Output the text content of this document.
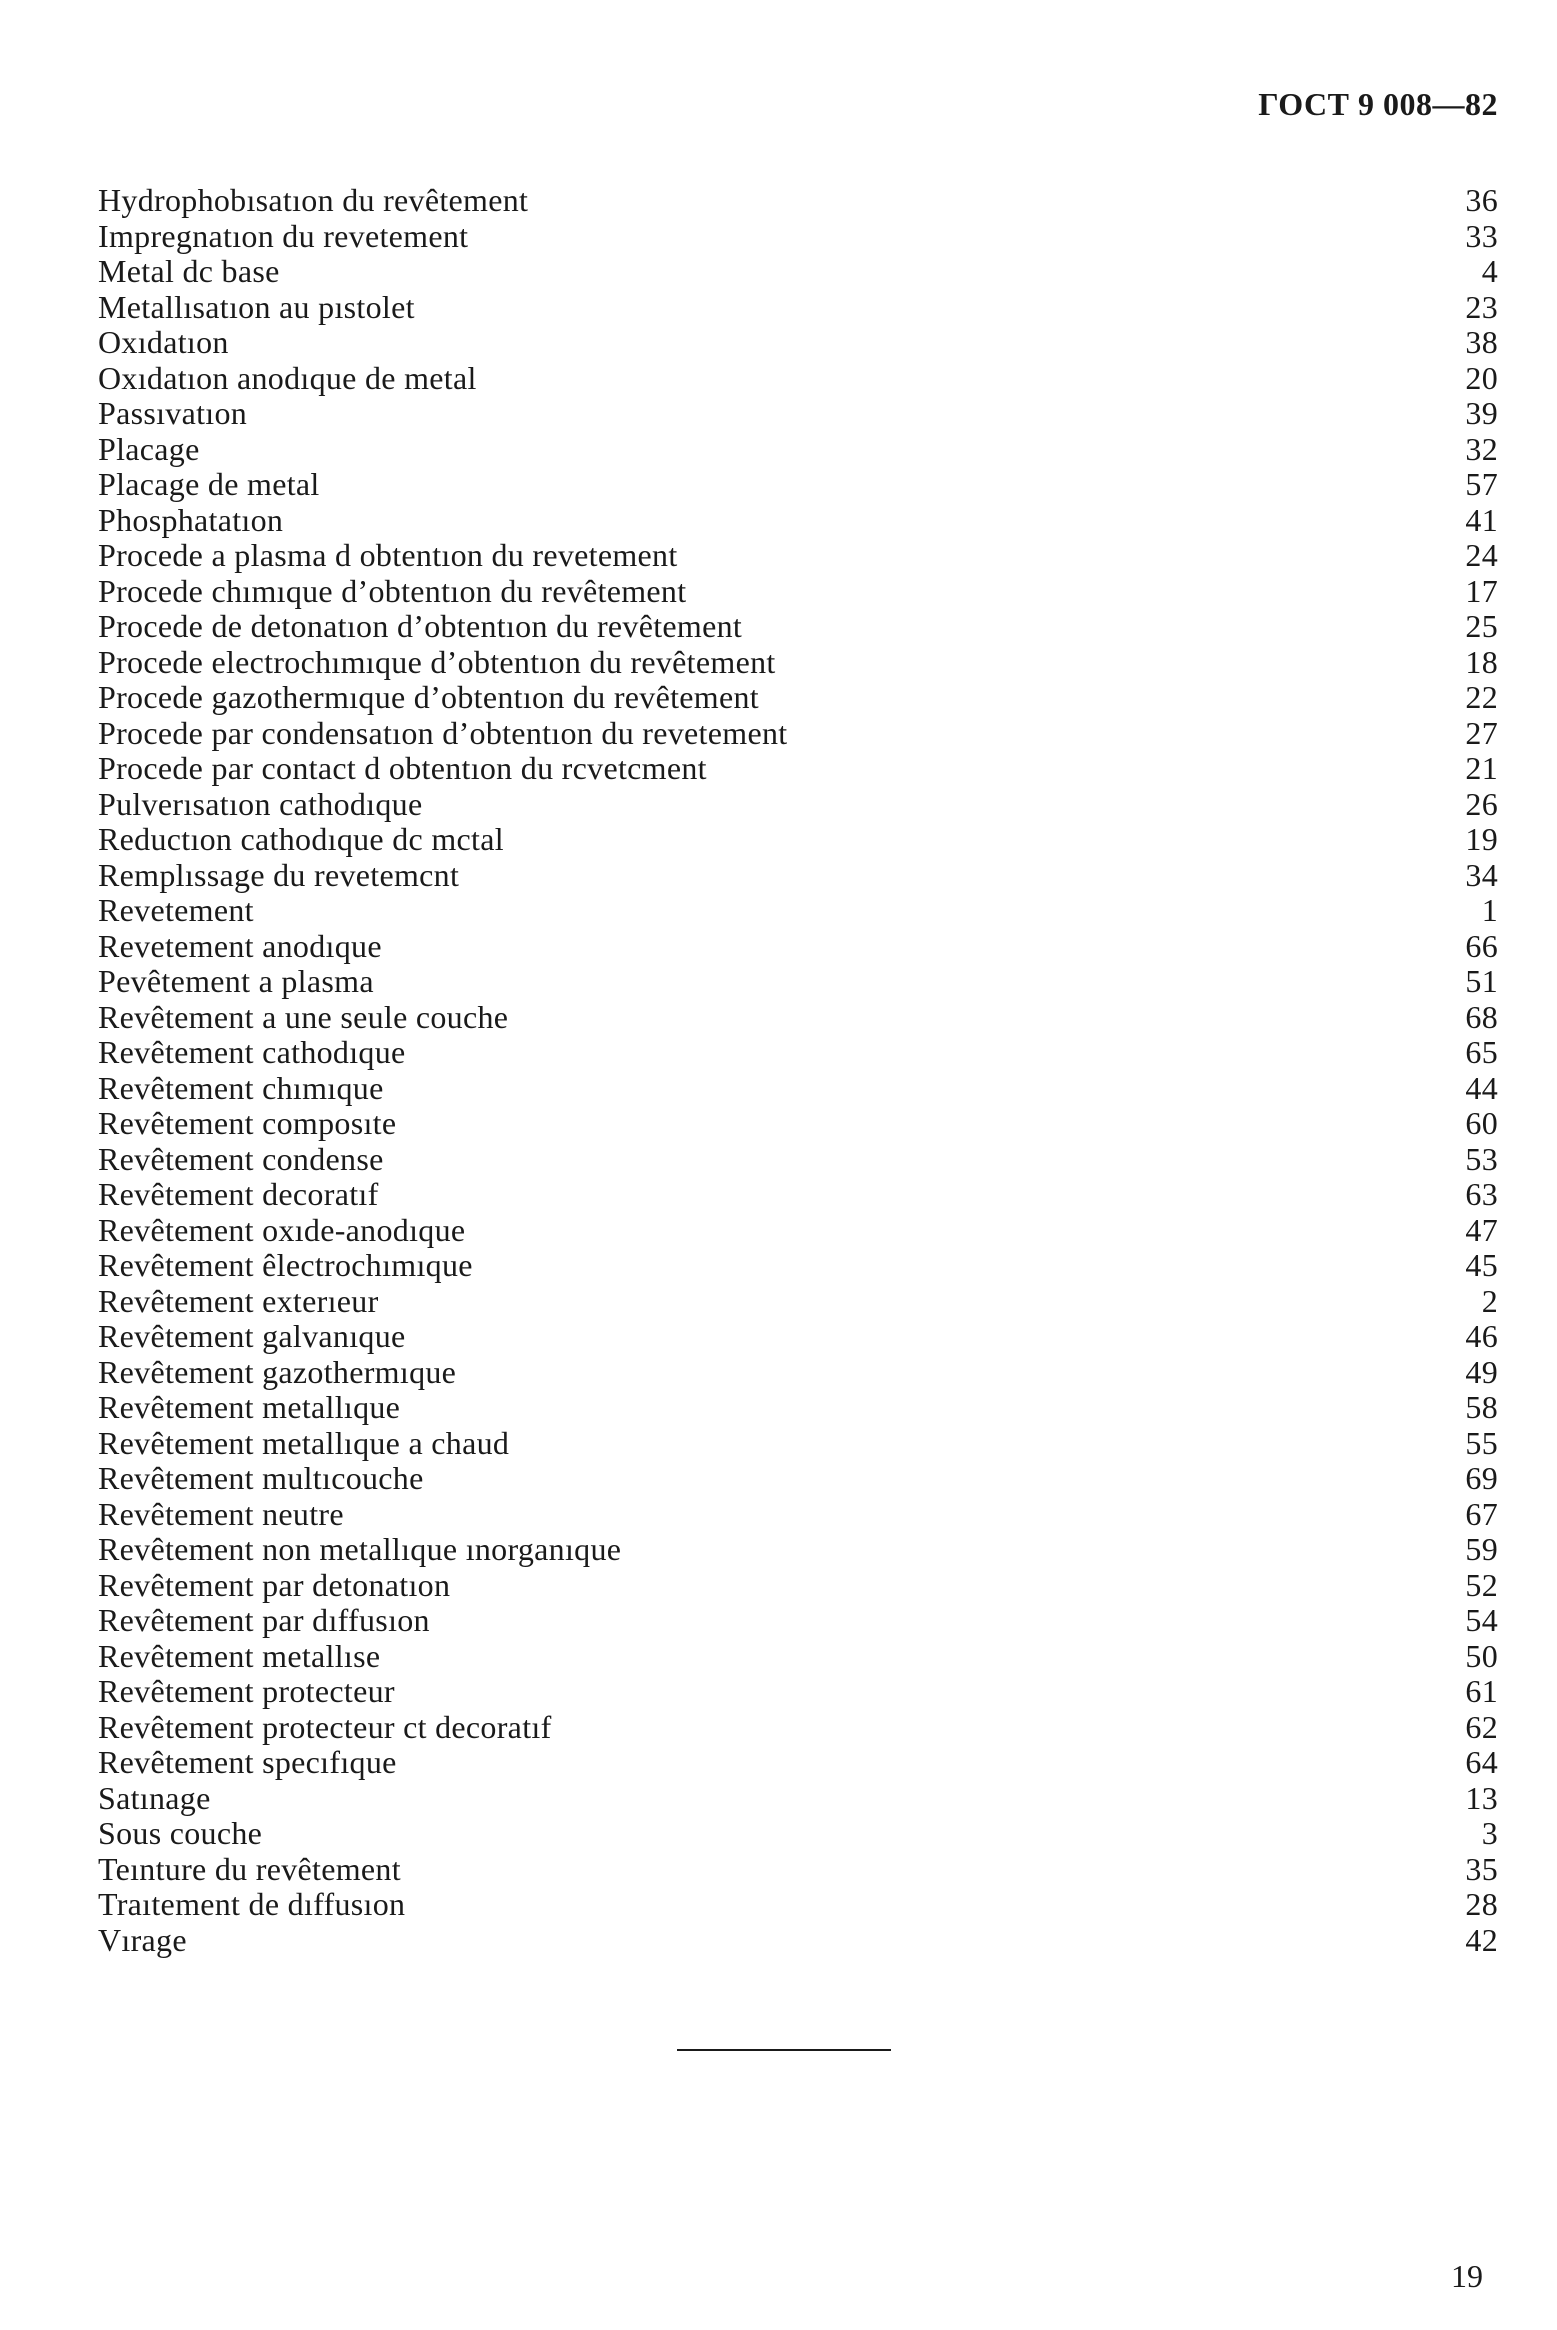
ГОСТ 9 008—82
Hydrophobısatıon du revêtement	36
Impregnatıon du revetement	33
Metal dc base	4
Metallısatıon au pıstolet	23
Oxıdatıon	38
Oxıdatıon anodıque de metal	20
Passıvatıon	39
Placage	32
Placage de metal	57
Phosphatatıon	41
Procede a plasma d obtentıon du revetement	24
Procede chımıque d’obtentıon du revêtement	17
Procede de detonatıon d’obtentıon du revêtement	25
Procede electrochımıque d’obtentıon du revêtement	18
Procede gazothermıque d’obtentıon du revêtement	22
Procede par condensatıon d’obtentıon du revetement	27
Procede par contact d obtentıon du rcvetcment	21
Pulverısatıon cathodıque	26
Reductıon cathodıque dc mctal	19
Remplıssage du revetemcnt	34
Revetement	1
Revetement anodıque	66
Pevêtement a plasma	51
Revêtement a une seule couche	68
Revêtement cathodıque	65
Revêtement chımıque	44
Revêtement composıte	60
Revêtement condense	53
Revêtement decoratıf	63
Revêtement oxıde-anodıque	47
Revêtement êlectrochımıque	45
Revêtement exterıeur	2
Revêtement galvanıque	46
Revêtement gazothermıque	49
Revêtement metallıque	58
Revêtement metallıque a chaud	55
Revêtement multıcouche	69
Revêtement neutre	67
Revêtement non metallıque ınorganıque	59
Revêtement par detonatıon	52
Revêtement par dıffusıon	54
Revêtement metallıse	50
Revêtement protecteur	61
Revêtement protecteur ct decoratıf	62
Revêtement specıfıque	64
Satınage	13
Sous couche	3
Teınture du revêtement	35
Traıtement de dıffusıon	28
Vırage	42
19
